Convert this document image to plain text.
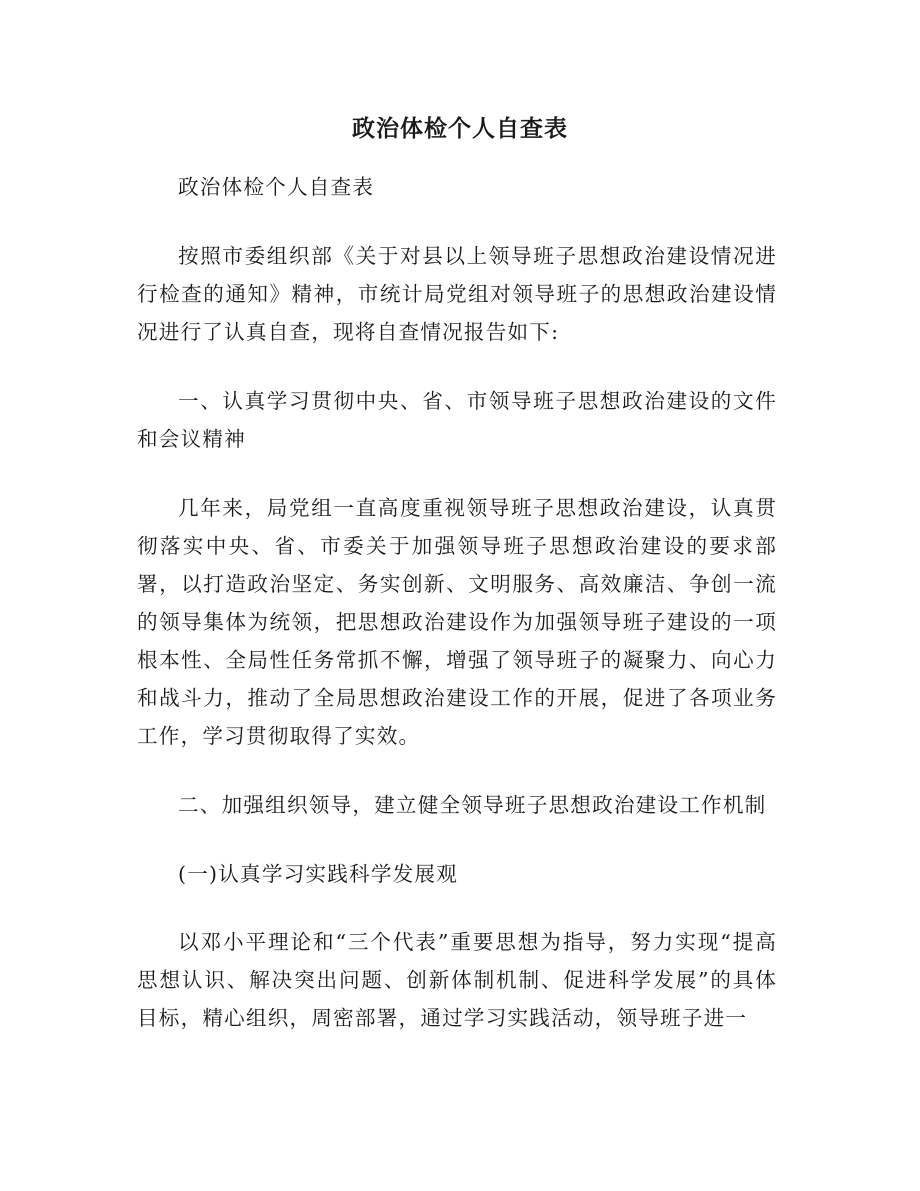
政治体检个人自查表

政治体检个人自查表

按照市委组织部《关于对县以上领导班子思想政治建设情况进行检查的通知》精神，市统计局党组对领导班子的思想政治建设情况进行了认真自查，现将自查情况报告如下:

一、认真学习贯彻中央、省、市领导班子思想政治建设的文件和会议精神

几年来，局党组一直高度重视领导班子思想政治建设，认真贯彻落实中央、省、市委关于加强领导班子思想政治建设的要求部署，以打造政治坚定、务实创新、文明服务、高效廉洁、争创一流的领导集体为统领，把思想政治建设作为加强领导班子建设的一项根本性、全局性任务常抓不懈，增强了领导班子的凝聚力、向心力和战斗力，推动了全局思想政治建设工作的开展，促进了各项业务工作，学习贯彻取得了实效。

二、加强组织领导，建立健全领导班子思想政治建设工作机制

(一)认真学习实践科学发展观

以邓小平理论和“三个代表”重要思想为指导，努力实现“提高思想认识、解决突出问题、创新体制机制、促进科学发展”的具体目标，精心组织，周密部署，通过学习实践活动，领导班子进一
